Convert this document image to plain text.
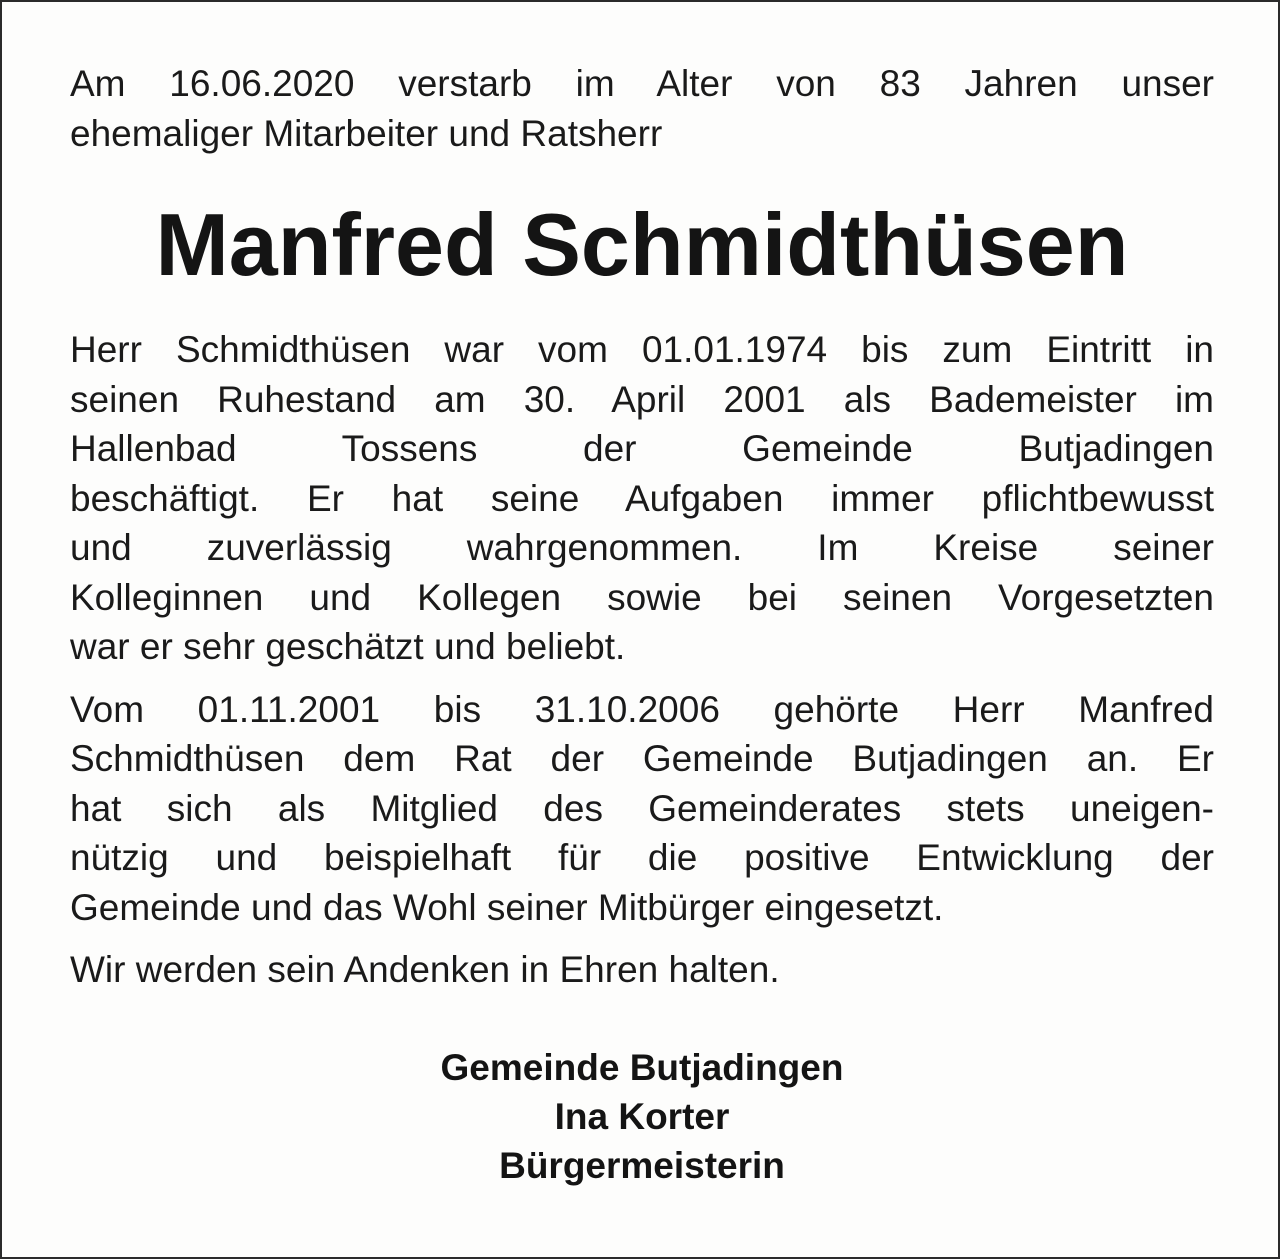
Am 16.06.2020 verstarb im Alter von 83 Jahren unser
ehemaliger Mitarbeiter und Ratsherr

Manfred Schmidthüsen

Herr Schmidthüsen war vom 01.01.1974 bis zum Eintritt in
seinen Ruhestand am 30. April 2001 als Bademeister im
Hallenbad Tossens der Gemeinde Butjadingen
beschäftigt. Er hat seine Aufgaben immer pflichtbewusst
und zuverlässig wahrgenommen. Im Kreise seiner
Kolleginnen und Kollegen sowie bei seinen Vorgesetzten
war er sehr geschätzt und beliebt.

Vom 01.11.2001 bis 31.10.2006 gehörte Herr Manfred
Schmidthüsen dem Rat der Gemeinde Butjadingen an. Er
hat sich als Mitglied des Gemeinderates stets uneigen-
nützig und beispielhaft für die positive Entwicklung der
Gemeinde und das Wohl seiner Mitbürger eingesetzt.

Wir werden sein Andenken in Ehren halten.

Gemeinde Butjadingen
Ina Korter
Bürgermeisterin
